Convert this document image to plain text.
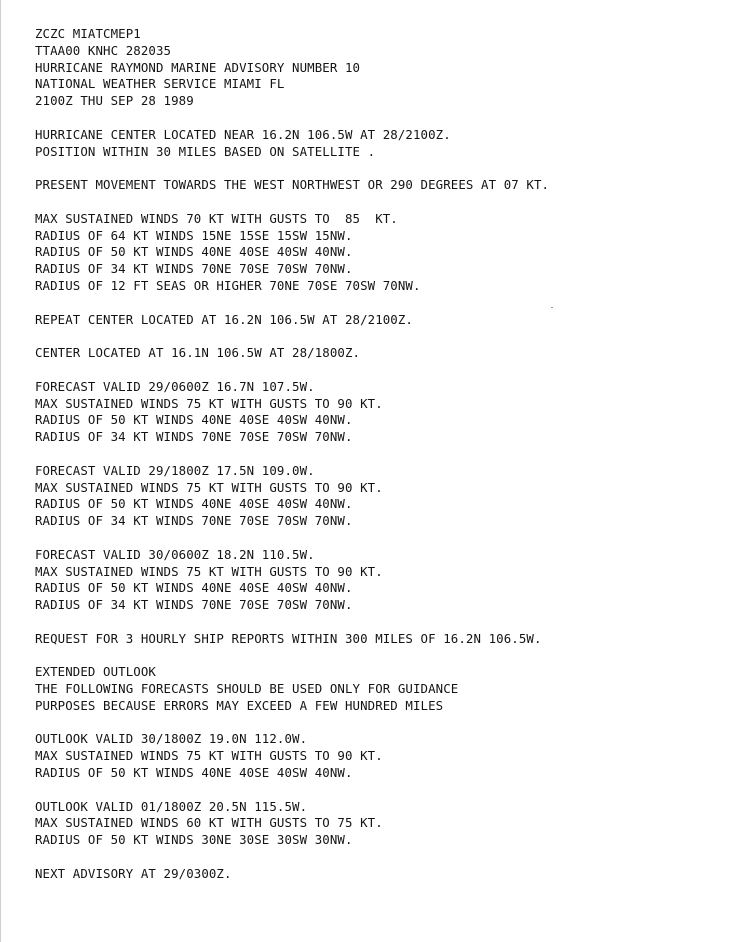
ZCZC MIATCMEP1
TTAA00 KNHC 282035
HURRICANE RAYMOND MARINE ADVISORY NUMBER 10
NATIONAL WEATHER SERVICE MIAMI FL
2100Z THU SEP 28 1989
HURRICANE CENTER LOCATED NEAR 16.2N 106.5W AT 28/2100Z.
POSITION WITHIN 30 MILES BASED ON SATELLITE .
PRESENT MOVEMENT TOWARDS THE WEST NORTHWEST OR 290 DEGREES AT 07 KT.
MAX SUSTAINED WINDS 70 KT WITH GUSTS TO  85  KT.
RADIUS OF 64 KT WINDS 15NE 15SE 15SW 15NW.
RADIUS OF 50 KT WINDS 40NE 40SE 40SW 40NW.
RADIUS OF 34 KT WINDS 70NE 70SE 70SW 70NW.
RADIUS OF 12 FT SEAS OR HIGHER 70NE 70SE 70SW 70NW.
REPEAT CENTER LOCATED AT 16.2N 106.5W AT 28/2100Z.
CENTER LOCATED AT 16.1N 106.5W AT 28/1800Z.
FORECAST VALID 29/0600Z 16.7N 107.5W.
MAX SUSTAINED WINDS 75 KT WITH GUSTS TO 90 KT.
RADIUS OF 50 KT WINDS 40NE 40SE 40SW 40NW.
RADIUS OF 34 KT WINDS 70NE 70SE 70SW 70NW.
FORECAST VALID 29/1800Z 17.5N 109.0W.
MAX SUSTAINED WINDS 75 KT WITH GUSTS TO 90 KT.
RADIUS OF 50 KT WINDS 40NE 40SE 40SW 40NW.
RADIUS OF 34 KT WINDS 70NE 70SE 70SW 70NW.
FORECAST VALID 30/0600Z 18.2N 110.5W.
MAX SUSTAINED WINDS 75 KT WITH GUSTS TO 90 KT.
RADIUS OF 50 KT WINDS 40NE 40SE 40SW 40NW.
RADIUS OF 34 KT WINDS 70NE 70SE 70SW 70NW.
REQUEST FOR 3 HOURLY SHIP REPORTS WITHIN 300 MILES OF 16.2N 106.5W.
EXTENDED OUTLOOK
THE FOLLOWING FORECASTS SHOULD BE USED ONLY FOR GUIDANCE
PURPOSES BECAUSE ERRORS MAY EXCEED A FEW HUNDRED MILES
OUTLOOK VALID 30/1800Z 19.0N 112.0W.
MAX SUSTAINED WINDS 75 KT WITH GUSTS TO 90 KT.
RADIUS OF 50 KT WINDS 40NE 40SE 40SW 40NW.
OUTLOOK VALID 01/1800Z 20.5N 115.5W.
MAX SUSTAINED WINDS 60 KT WITH GUSTS TO 75 KT.
RADIUS OF 50 KT WINDS 30NE 30SE 30SW 30NW.
NEXT ADVISORY AT 29/0300Z.
